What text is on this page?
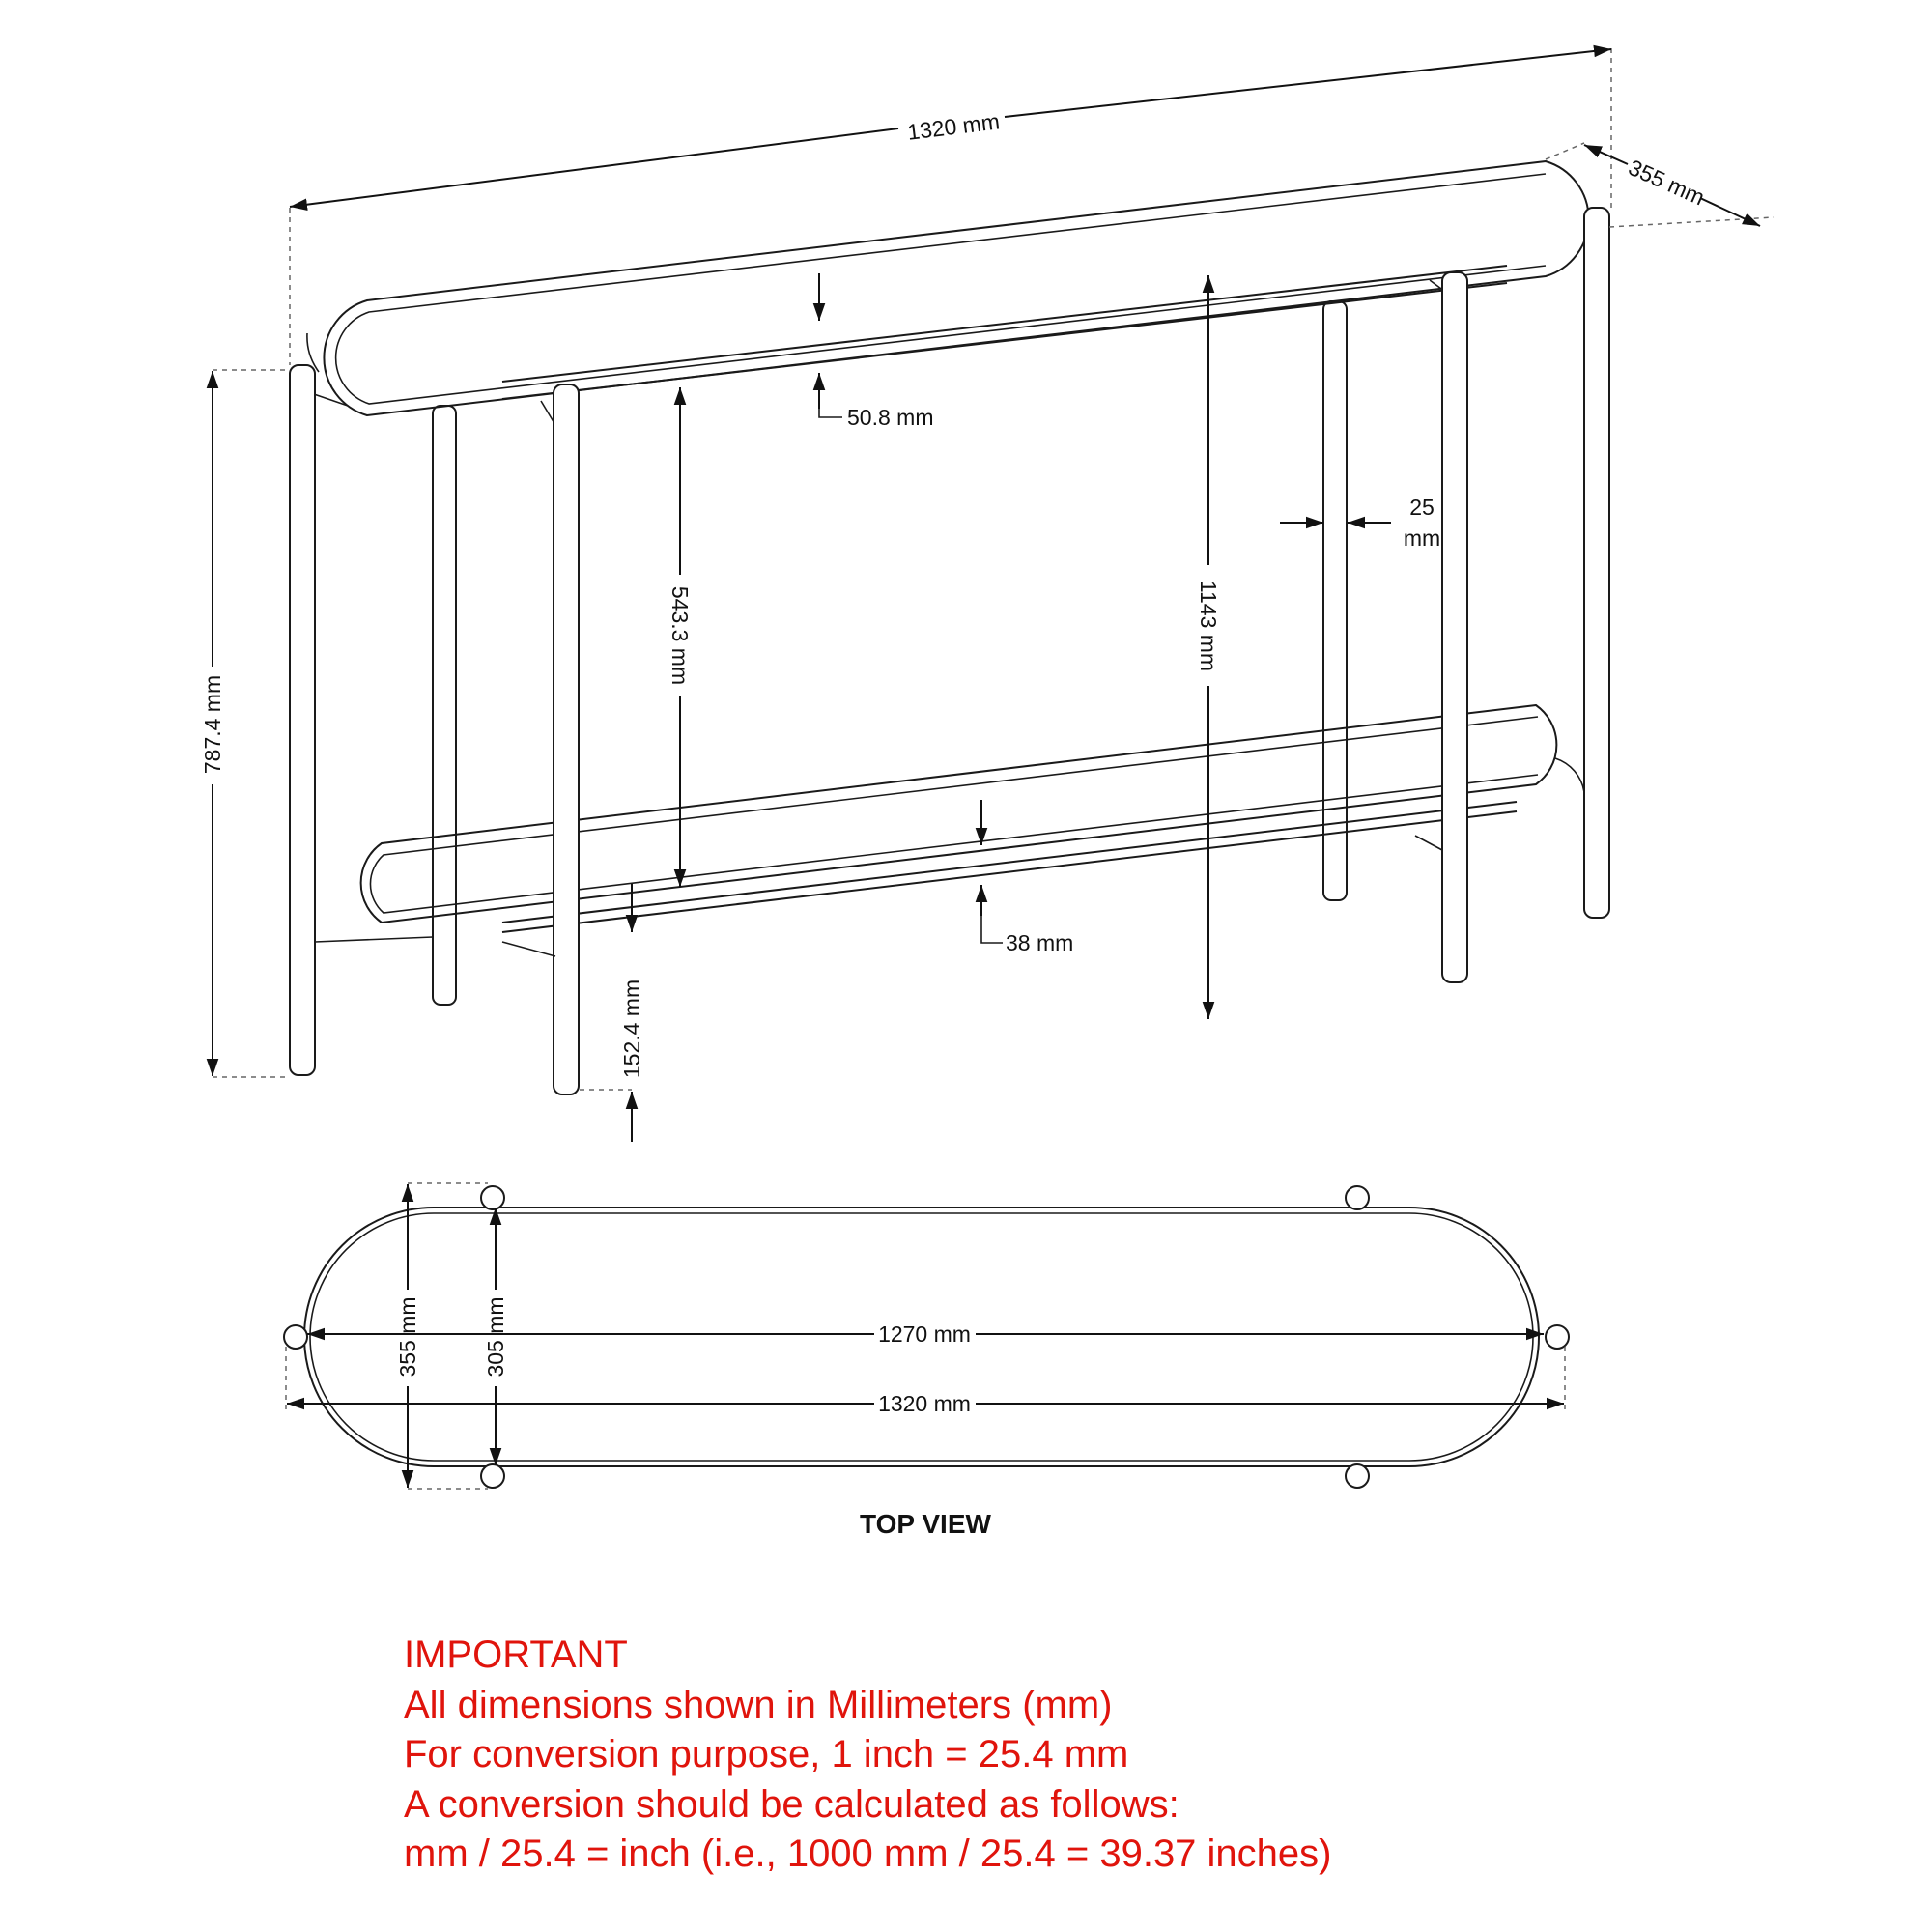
1320 mm
355 mm
50.8 mm
25
mm
543.3 mm	1143 mm
787.4 mm
38 mm
152.4 mm
355 mm	305 mm	1270 mm
1320 mm
TOP VIEW
IMPORTANT
All dimensions shown in Millimeters (mm)
For conversion purpose, 1 inch = 25.4 mm
A conversion should be calculated as follows:
mm / 25.4 = inch (i.e., 1000 mm / 25.4 = 39.37 inches)
